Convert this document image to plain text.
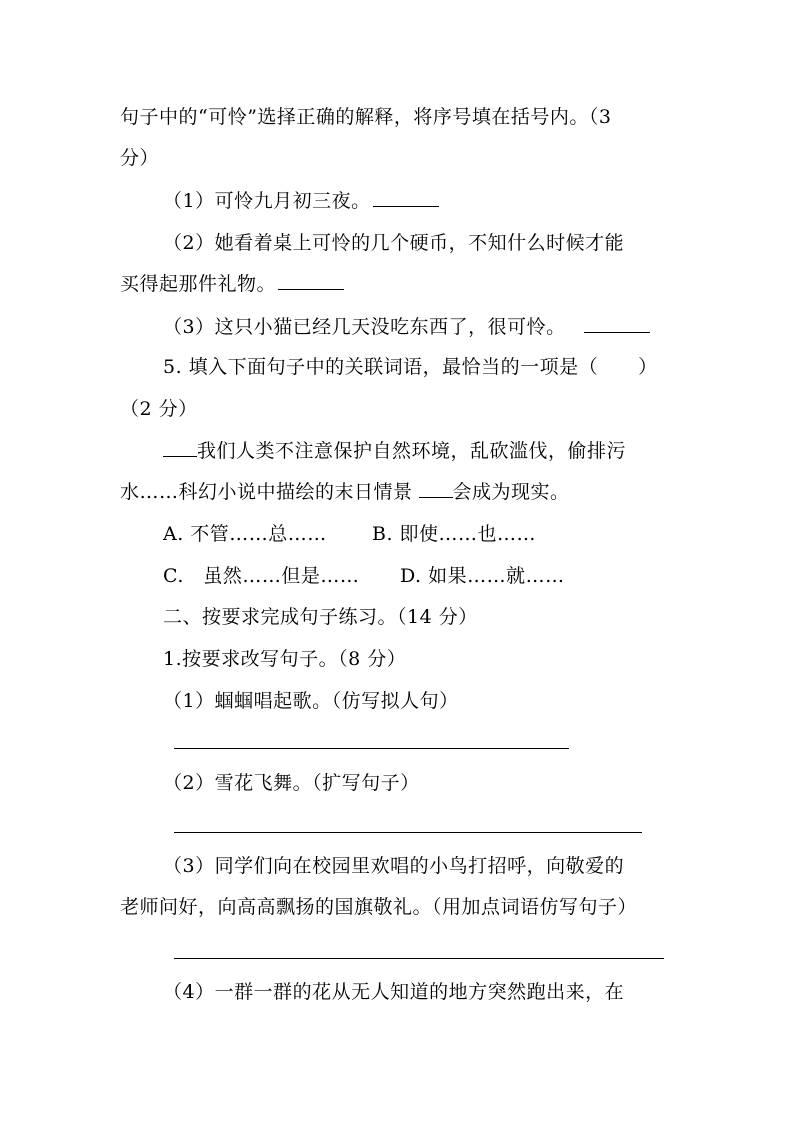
句子中的“可怜”选择正确的解释，将序号填在括号内。（3
分）
（1）可怜九月初三夜。
（2）她看着桌上可怜的几个硬币，不知什么时候才能
买得起那件礼物。
（3）这只小猫已经几天没吃东西了，很可怜。
5. 填入下面句子中的关联词语，最恰当的一项是（ ）
（2 分）
我们人类不注意保护自然环境，乱砍滥伐，偷排污
水……科幻小说中描绘的末日情景 会成为现实。
A. 不管……总…… B. 即使……也……
C.　虽然……但是…… D. 如果……就……
二、按要求完成句子练习。（14 分）
1.按要求改写句子。（8 分）
（1）蝈蝈唱起歌。（仿写拟人句）
（2）雪花飞舞。（扩写句子）
（3）同学们向在校园里欢唱的小鸟打招呼，向敬爱的
老师问好，向高高飘扬的国旗敬礼。（用加点词语仿写句子）
（4）一群一群的花从无人知道的地方突然跑出来，在
